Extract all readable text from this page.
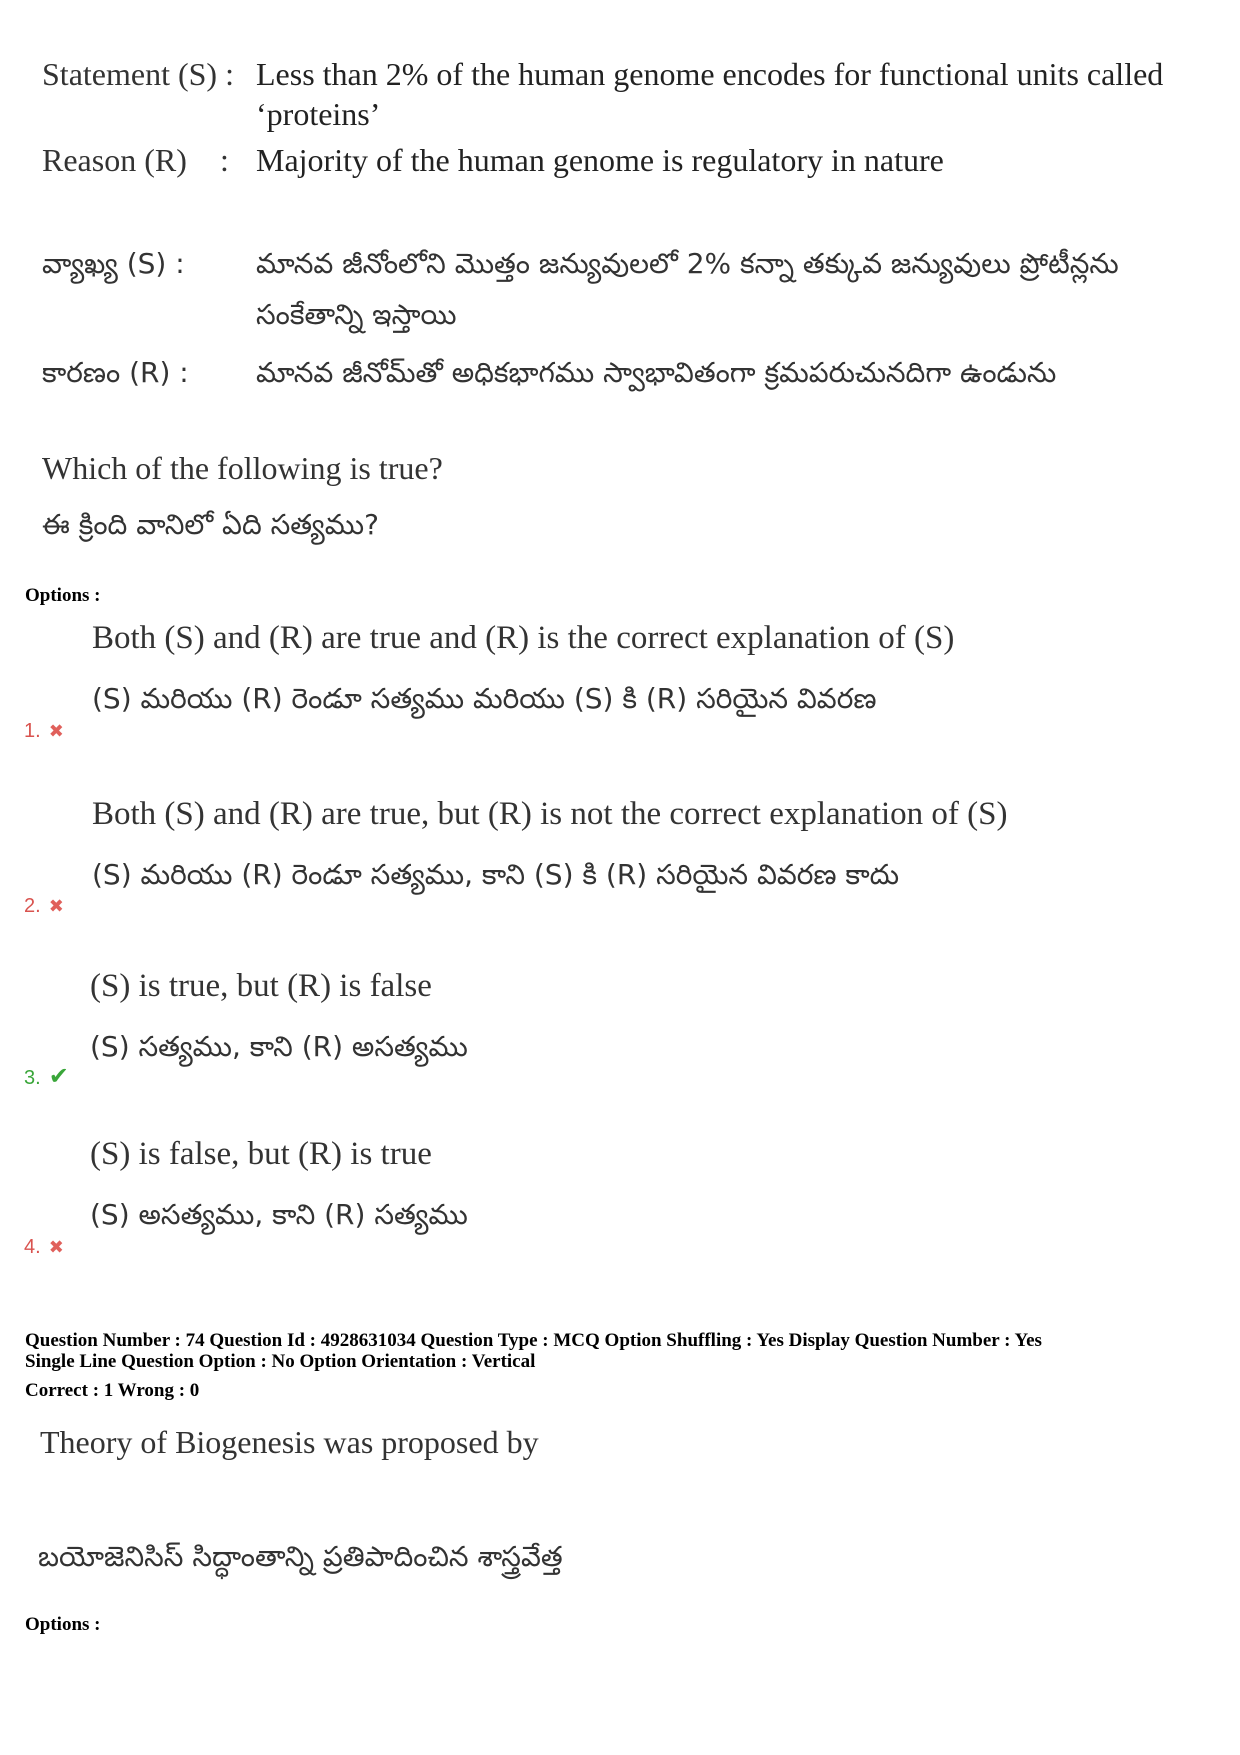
Statement (S) : Less than 2% of the human genome encodes for functional units called
‘proteins’
Reason (R) : Majority of the human genome is regulatory in nature
వ్యాఖ్య (S) :	మానవ జీనోంలోని మొత్తం జన్యువులలో 2% కన్నా తక్కువ జన్యువులు ప్రోటీన్లను
సంకేతాన్ని ఇస్తాయి
కారణం (R) : మానవ జీనోమ్‌తో అధికభాగము స్వాభావితంగా క్రమపరుచునదిగా ఉండును
Which of the following is true?
ఈ క్రింది వానిలో ఏది సత్యము?
Options :
Both (S) and (R) are true and (R) is the correct explanation of (S)
(S) మరియు (R) రెండూ సత్యము మరియు (S) కి (R) సరియైన వివరణ
1. ✖
Both (S) and (R) are true, but (R) is not the correct explanation of (S)
(S) మరియు (R) రెండూ సత్యము, కాని (S) కి (R) సరియైన వివరణ కాదు
2. ✖
(S) is true, but (R) is false
(S) సత్యము, కాని (R) అసత్యము
3. ✔
(S) is false, but (R) is true
(S) అసత్యము, కాని (R) సత్యము
4. ✖
Question Number : 74 Question Id : 4928631034 Question Type : MCQ Option Shuffling : Yes Display Question Number : Yes
Single Line Question Option : No Option Orientation : Vertical
Correct : 1 Wrong : 0
Theory of Biogenesis was proposed by
బయోజెనిసిస్ సిద్ధాంతాన్ని ప్రతిపాదించిన శాస్త్రవేత్త
Options :
